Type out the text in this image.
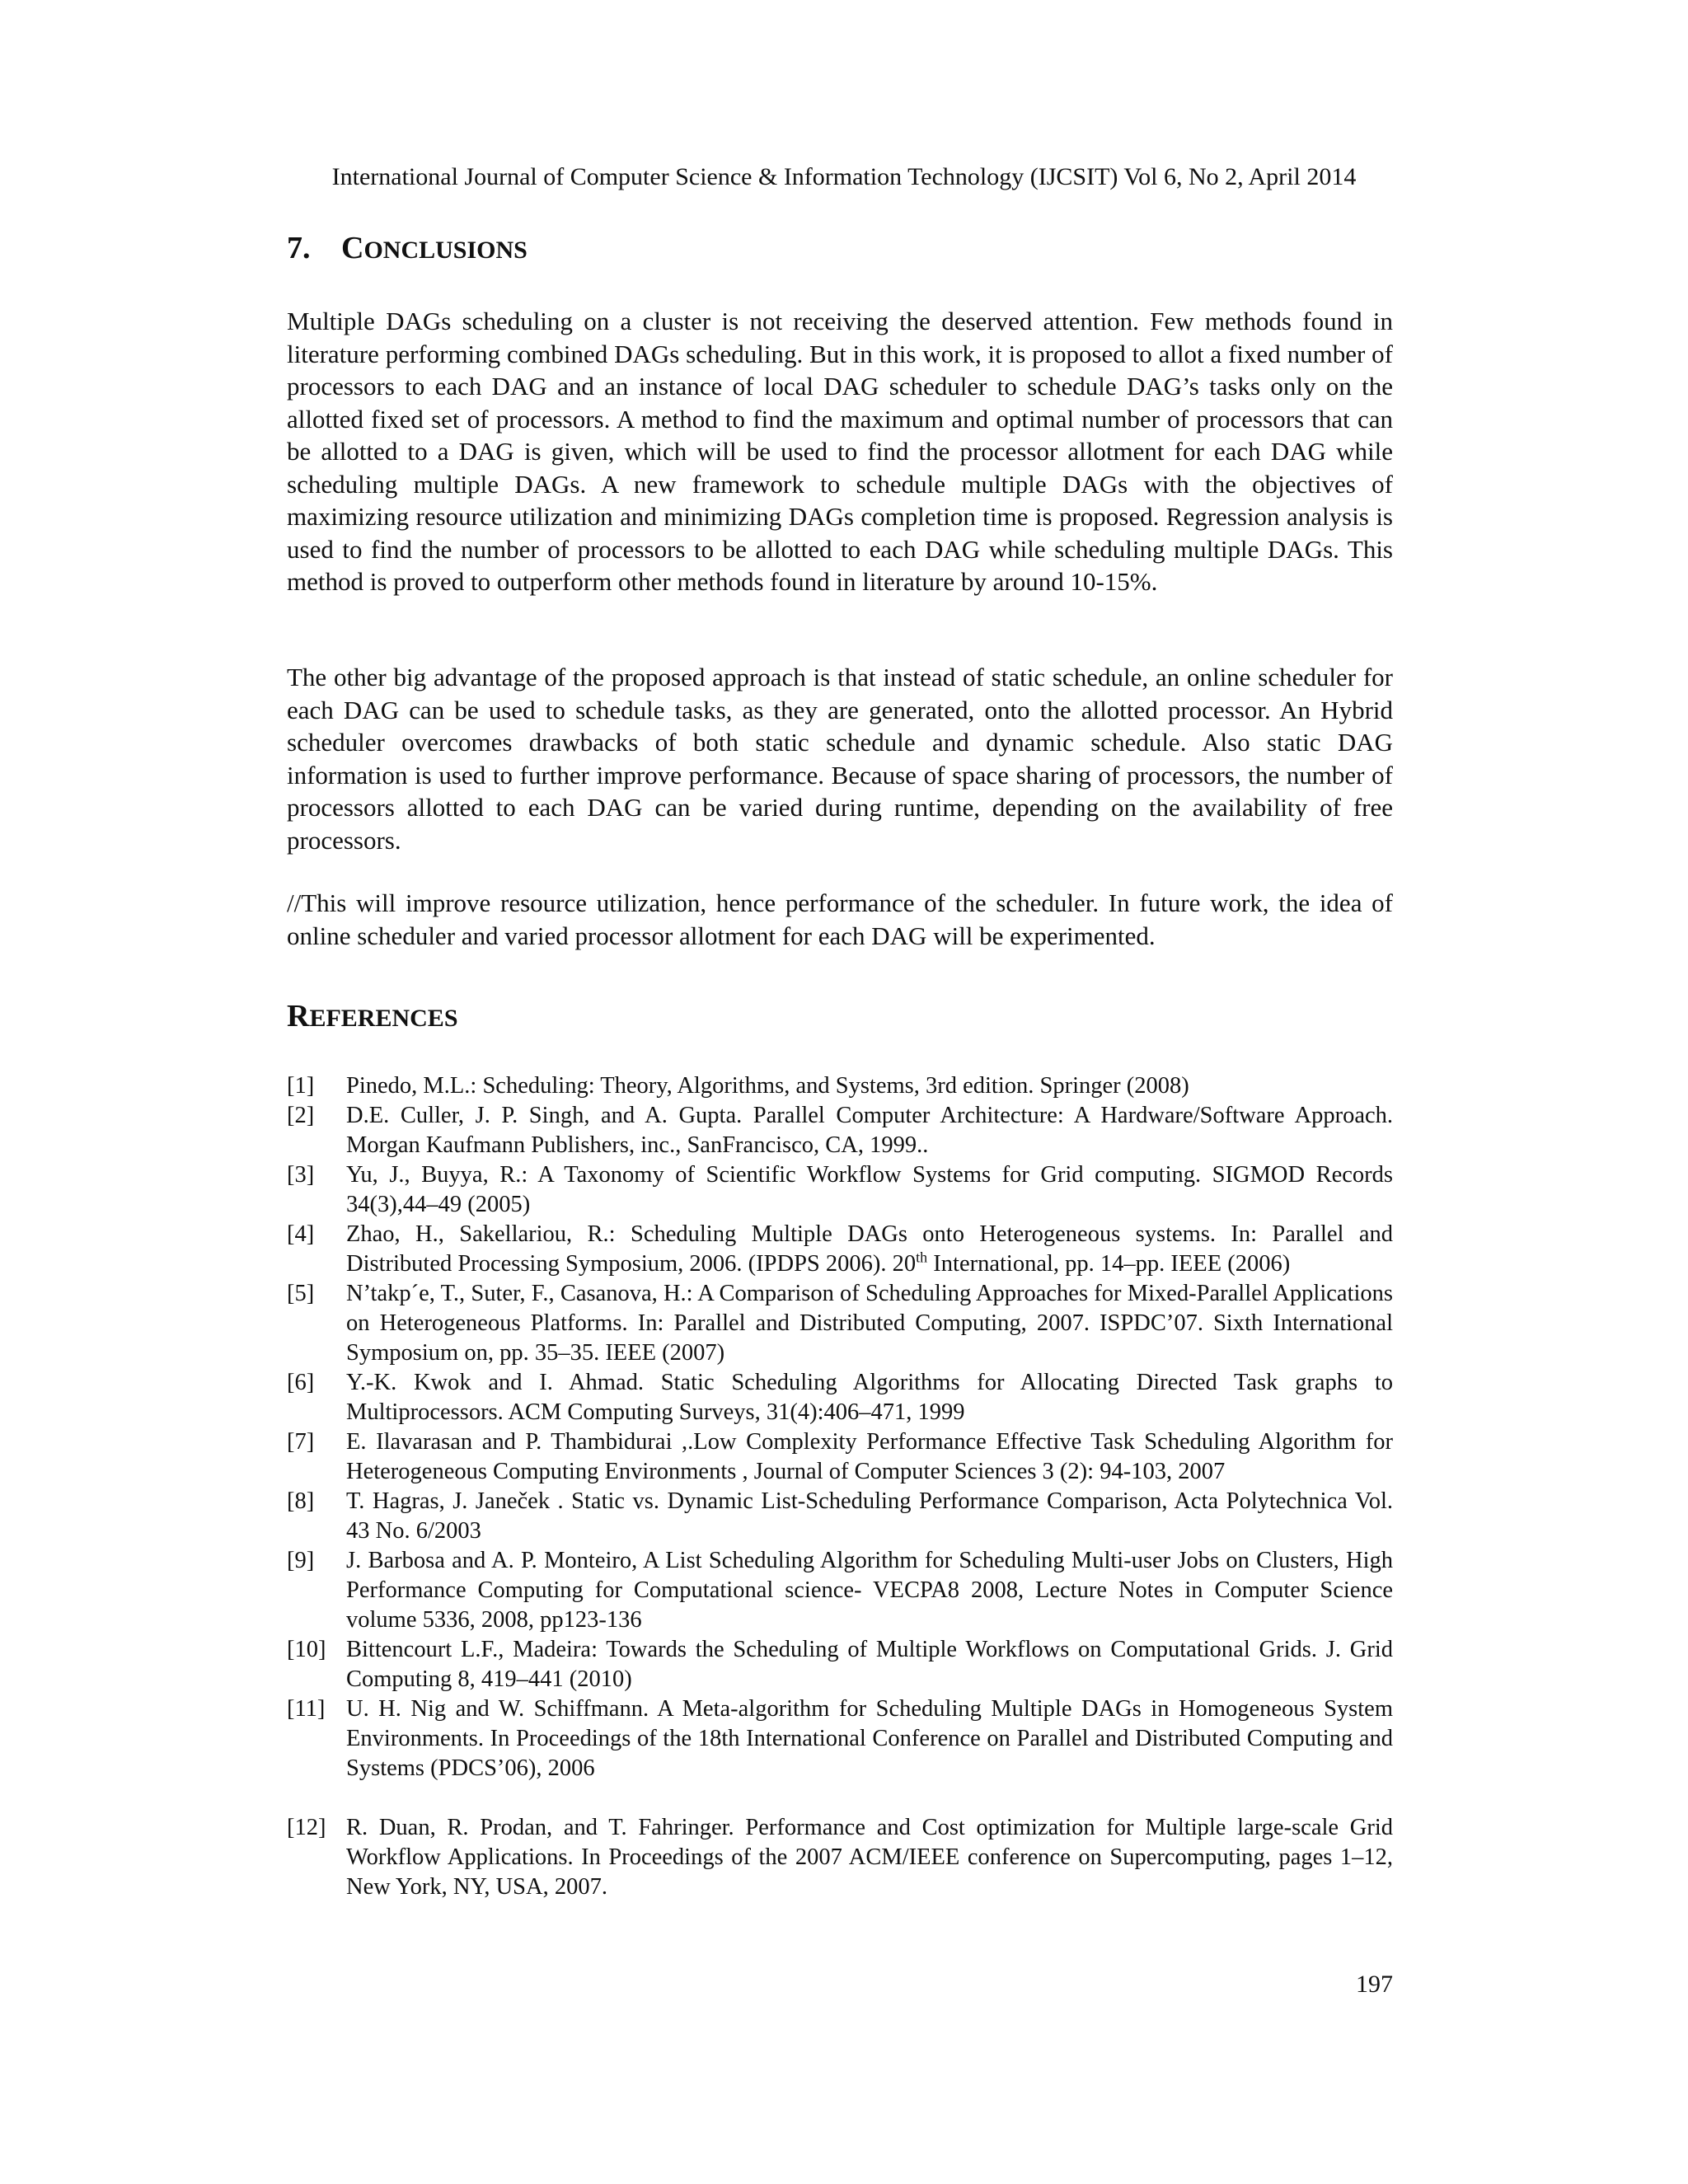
International Journal of Computer Science & Information Technology (IJCSIT) Vol 6, No 2, April 2014
7. CONCLUSIONS

Multiple DAGs scheduling on a cluster is not receiving the deserved attention. Few methods found in literature performing combined DAGs scheduling. But in this work, it is proposed to allot a fixed number of processors to each DAG and an instance of local DAG scheduler to schedule DAG’s tasks only on the allotted fixed set of processors. A method to find the maximum and optimal number of processors that can be allotted to a DAG is given, which will be used to find the processor allotment for each DAG while scheduling multiple DAGs. A new framework to schedule multiple DAGs with the objectives of maximizing resource utilization and minimizing DAGs completion time is proposed. Regression analysis is used to find the number of processors to be allotted to each DAG while scheduling multiple DAGs. This method is proved to outperform other methods found in literature by around 10-15%.

The other big advantage of the proposed approach is that instead of static schedule, an online scheduler for each DAG can be used to schedule tasks, as they are generated, onto the allotted processor. An Hybrid scheduler overcomes drawbacks of both static schedule and dynamic schedule. Also static DAG information is used to further improve performance. Because of space sharing of processors, the number of processors allotted to each DAG can be varied during runtime, depending on the availability of free processors.

//This will improve resource utilization, hence performance of the scheduler. In future work, the idea of online scheduler and varied processor allotment for each DAG will be experimented.

REFERENCES
[1] Pinedo, M.L.: Scheduling: Theory, Algorithms, and Systems, 3rd edition. Springer (2008)
[2] D.E. Culler, J. P. Singh, and A. Gupta. Parallel Computer Architecture: A Hardware/Software Approach. Morgan Kaufmann Publishers, inc., SanFrancisco, CA, 1999..
[3] Yu, J., Buyya, R.: A Taxonomy of Scientific Workflow Systems for Grid computing. SIGMOD Records 34(3),44–49 (2005)
[4] Zhao, H., Sakellariou, R.: Scheduling Multiple DAGs onto Heterogeneous systems. In: Parallel and Distributed Processing Symposium, 2006. (IPDPS 2006). 20th International, pp. 14–pp. IEEE (2006)
[5] N’takp´e, T., Suter, F., Casanova, H.: A Comparison of Scheduling Approaches for Mixed-Parallel Applications on Heterogeneous Platforms. In: Parallel and Distributed Computing, 2007. ISPDC’07. Sixth International Symposium on, pp. 35–35. IEEE (2007)
[6] Y.-K. Kwok and I. Ahmad. Static Scheduling Algorithms for Allocating Directed Task graphs to Multiprocessors. ACM Computing Surveys, 31(4):406–471, 1999
[7] E. Ilavarasan and P. Thambidurai ,.Low Complexity Performance Effective Task Scheduling Algorithm for Heterogeneous Computing Environments , Journal of Computer Sciences 3 (2): 94-103, 2007
[8] T. Hagras, J. Janeček . Static vs. Dynamic List-Scheduling Performance Comparison, Acta Polytechnica Vol. 43 No. 6/2003
[9] J. Barbosa and A. P. Monteiro, A List Scheduling Algorithm for Scheduling Multi-user Jobs on Clusters, High Performance Computing for Computational science- VECPA8 2008, Lecture Notes in Computer Science volume 5336, 2008, pp123-136
[10] Bittencourt L.F., Madeira: Towards the Scheduling of Multiple Workflows on Computational Grids. J. Grid Computing 8, 419–441 (2010)
[11] U. H. Nig and W. Schiffmann. A Meta-algorithm for Scheduling Multiple DAGs in Homogeneous System Environments. In Proceedings of the 18th International Conference on Parallel and Distributed Computing and Systems (PDCS’06), 2006
[12] R. Duan, R. Prodan, and T. Fahringer. Performance and Cost optimization for Multiple large-scale Grid Workflow Applications. In Proceedings of the 2007 ACM/IEEE conference on Supercomputing, pages 1–12, New York, NY, USA, 2007.
197
